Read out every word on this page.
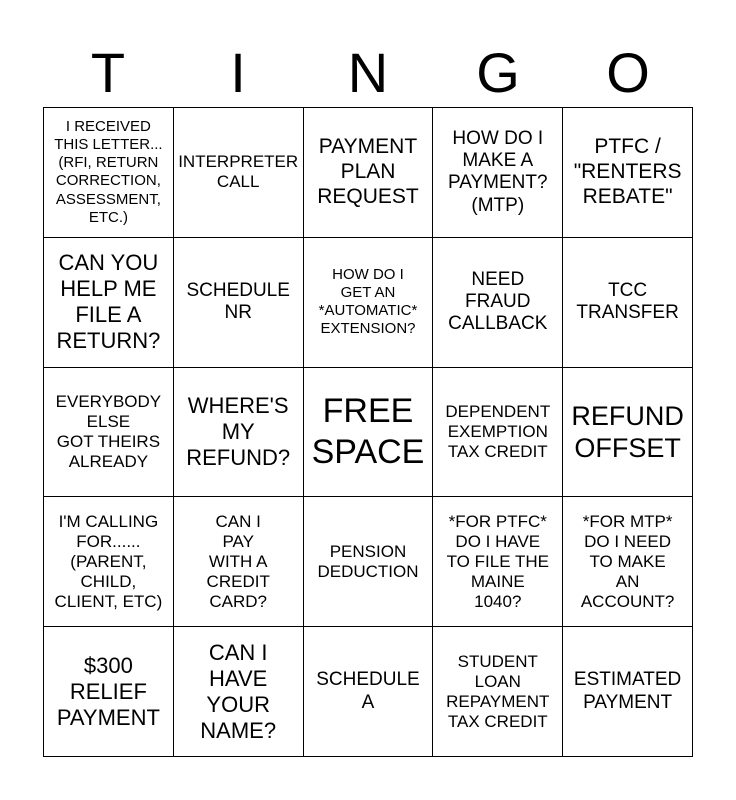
T	I	N	G	O
I RECEIVED
THIS LETTER...
(RFI, RETURN
CORRECTION,
ASSESSMENT,
ETC.)
INTERPRETER
CALL
PAYMENT
PLAN
REQUEST
HOW DO I
MAKE A
PAYMENT?
(MTP)
PTFC /
"RENTERS
REBATE"
CAN YOU
HELP ME
FILE A
RETURN?
SCHEDULE
NR
HOW DO I
GET AN
*AUTOMATIC*
EXTENSION?
NEED
FRAUD
CALLBACK
TCC
TRANSFER
EVERYBODY
ELSE
GOT THEIRS
ALREADY
WHERE'S
MY
REFUND?
FREE
SPACE
DEPENDENT
EXEMPTION
TAX CREDIT
REFUND
OFFSET
I'M CALLING
FOR......
(PARENT,
CHILD,
CLIENT, ETC)
CAN I
PAY
WITH A
CREDIT
CARD?
PENSION
DEDUCTION
*FOR PTFC*
DO I HAVE
TO FILE THE
MAINE
1040?
*FOR MTP*
DO I NEED
TO MAKE
AN
ACCOUNT?
$300
RELIEF
PAYMENT
CAN I
HAVE
YOUR
NAME?
SCHEDULE
A
STUDENT
LOAN
REPAYMENT
TAX CREDIT
ESTIMATED
PAYMENT
